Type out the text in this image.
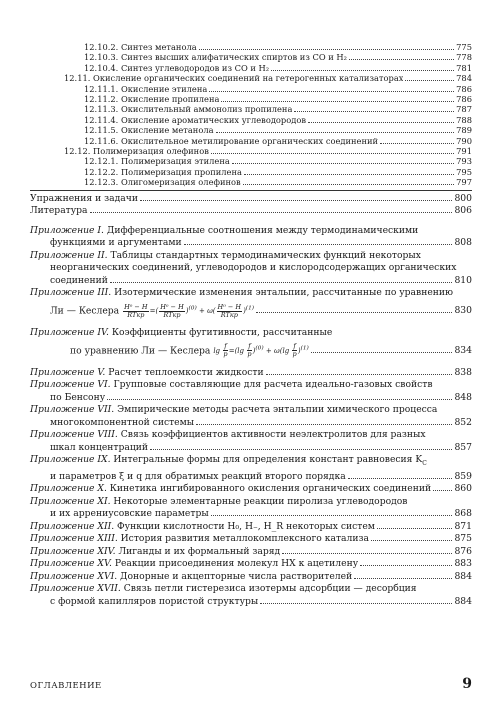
12.10.2. Синтез метанола	775
12.10.3. Синтез высших алифатических спиртов из CO и H₂	778
12.10.4. Синтез углеводородов из CO и H₂	781
12.11. Окисление органических соединений на гетерогенных катализаторах	784
12.11.1. Окисление этилена	786
12.11.2. Окисление пропилена	786
12.11.3. Окислительный аммонолиз пропилена	787
12.11.4. Окисление ароматических углеводородов	788
12.11.5. Окисление метанола	789
12.11.6. Окислительное метилирование органических соединений	790
12.12. Полимеризация олефинов	791
12.12.1. Полимеризация этилена	793
12.12.2. Полимеризация пропилена	795
12.12.3. Олигомеризация олефинов	797
Упражнения и задачи	800
Литература	806
Приложение I. Дифференциальные соотношения между термодинамическими
функциями и аргументами	808
Приложение II. Таблицы стандартных термодинамических функций некоторых
неорганических соединений, углеводородов и кислородсодержащих органических
соединений	810
Приложение III. Изотермические изменения энтальпии, рассчитанные по уравнению
Ли — Кеслера $\frac{\text{H⁰ − H}}{\text{RTкр}}$ =( $\frac{\text{H⁰ − H}}{\text{RTкр}} )^{(0)} + \omega( \frac{\text{H⁰ − H}}{\text{RTкр}} )^{(1)}$	830
Приложение IV. Коэффициенты фугитивности, рассчитанные
по уравнению Ли — Кеслера $\lg \frac{f}{p} =(\lg \frac{f}{p} )^{(0)} + \omega(\lg \frac{f}{p} )^{(1)}$	834
Приложение V. Расчет теплоемкости жидкости	838
Приложение VI. Групповые составляющие для расчета идеально-газовых свойств
по Бенсону	848
Приложение VII. Эмпирические методы расчета энтальпии химического процесса
многокомпонентной системы	852
Приложение VIII. Связь коэффициентов активности неэлектролитов для разных
шкал концентраций	857
Приложение IX. Интегральные формы для определения констант равновесия $K_C$
и параметров ξ и q для обратимых реакций второго порядка	859
Приложение X. Кинетика ингибированного окисления органических соединений	860
Приложение XI. Некоторые элементарные реакции пиролиза углеводородов
и их аррениусовские параметры	868
Приложение XII. Функции кислотности H₀, H₋, H_R некоторых систем	871
Приложение XIII. История развития металлокомплексного катализа	875
Приложение XIV. Лиганды и их формальный заряд	876
Приложение XV. Реакции присоединения молекул HX к ацетилену	883
Приложение XVI. Донорные и акцепторные числа растворителей	884
Приложение XVII. Связь петли гистерезиса изотермы адсорбции — десорбция
с формой капилляров пористой структуры	884
ОГЛАВЛЕНИЕ	9
